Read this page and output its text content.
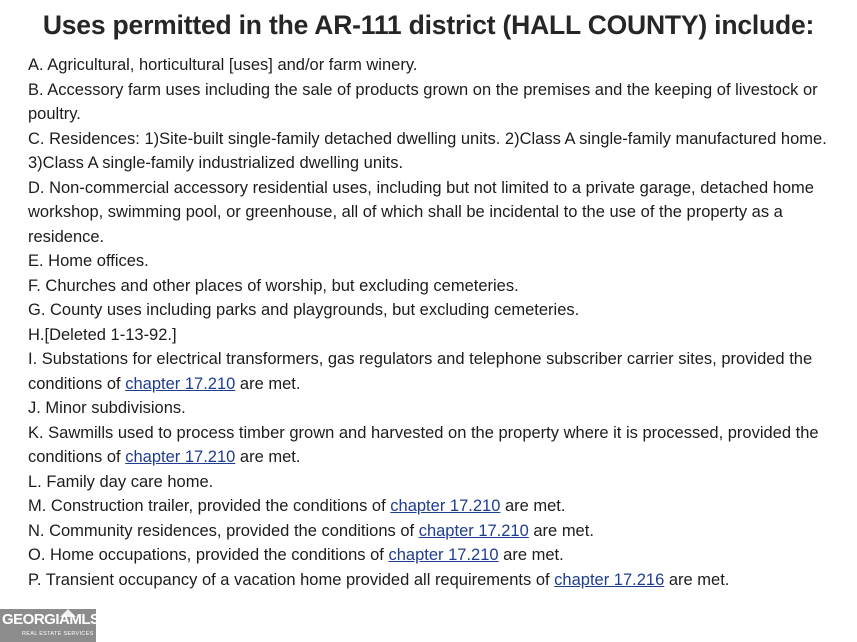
Uses permitted in the AR-111 district (HALL COUNTY) include:
A. Agricultural, horticultural [uses] and/or farm winery.
B. Accessory farm uses including the sale of products grown on the premises and the keeping of livestock or poultry.
C. Residences: 1)Site-built single-family detached dwelling units. 2)Class A single-family manufactured home. 3)Class A single-family industrialized dwelling units.
D. Non-commercial accessory residential uses, including but not limited to a private garage, detached home workshop, swimming pool, or greenhouse, all of which shall be incidental to the use of the property as a residence.
E. Home offices.
F. Churches and other places of worship, but excluding cemeteries.
G. County uses including parks and playgrounds, but excluding cemeteries.
H.[Deleted 1-13-92.]
I. Substations for electrical transformers, gas regulators and telephone subscriber carrier sites, provided the conditions of chapter 17.210 are met.
J. Minor subdivisions.
K. Sawmills used to process timber grown and harvested on the property where it is processed, provided the conditions of chapter 17.210 are met.
L. Family day care home.
M. Construction trailer, provided the conditions of chapter 17.210 are met.
N. Community residences, provided the conditions of chapter 17.210 are met.
O. Home occupations, provided the conditions of chapter 17.210 are met.
P. Transient occupancy of a vacation home provided all requirements of chapter 17.216 are met.
GEORGIAMLS
REAL ESTATE SERVICES
